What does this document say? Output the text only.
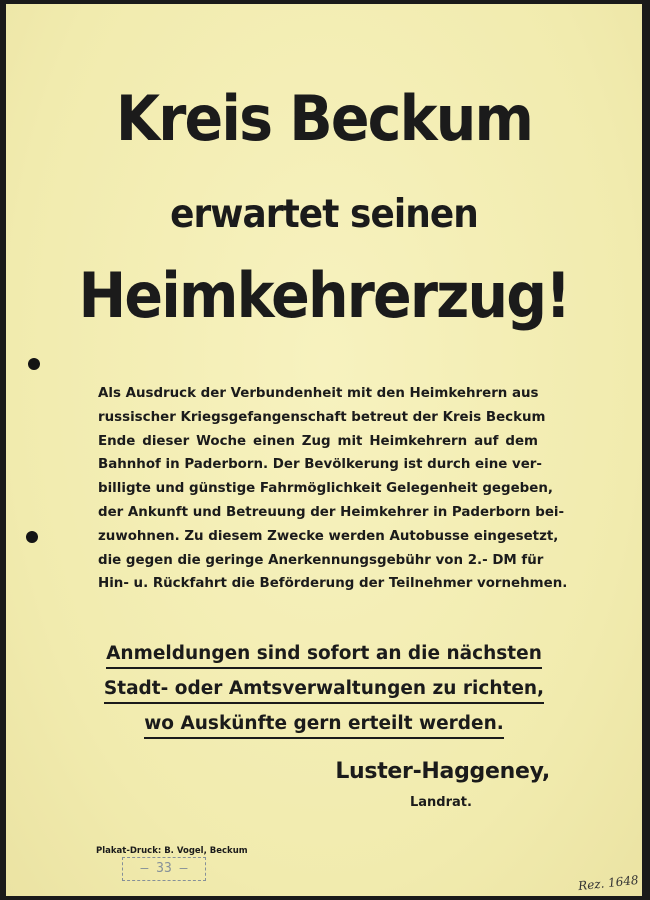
Kreis Beckum
erwartet seinen
Heimkehrerzug!
Als Ausdruck der Verbundenheit mit den Heimkehrern aus
russischer Kriegsgefangenschaft betreut der Kreis Beckum
Ende dieser Woche einen Zug mit Heimkehrern auf dem
Bahnhof in Paderborn. Der Bevölkerung ist durch eine ver-
billigte und günstige Fahrmöglichkeit Gelegenheit gegeben,
der Ankunft und Betreuung der Heimkehrer in Paderborn bei-
zuwohnen. Zu diesem Zwecke werden Autobusse eingesetzt,
die gegen die geringe Anerkennungsgebühr von 2.- DM für
Hin- u. Rückfahrt die Beförderung der Teilnehmer vornehmen.
Anmeldungen sind sofort an die nächsten
Stadt- oder Amtsverwaltungen zu richten,
wo Auskünfte gern erteilt werden.
Luster-Haggeney,
Landrat.
Plakat-Druck: B. Vogel, Beckum
– 33 –
Rez. 1648
